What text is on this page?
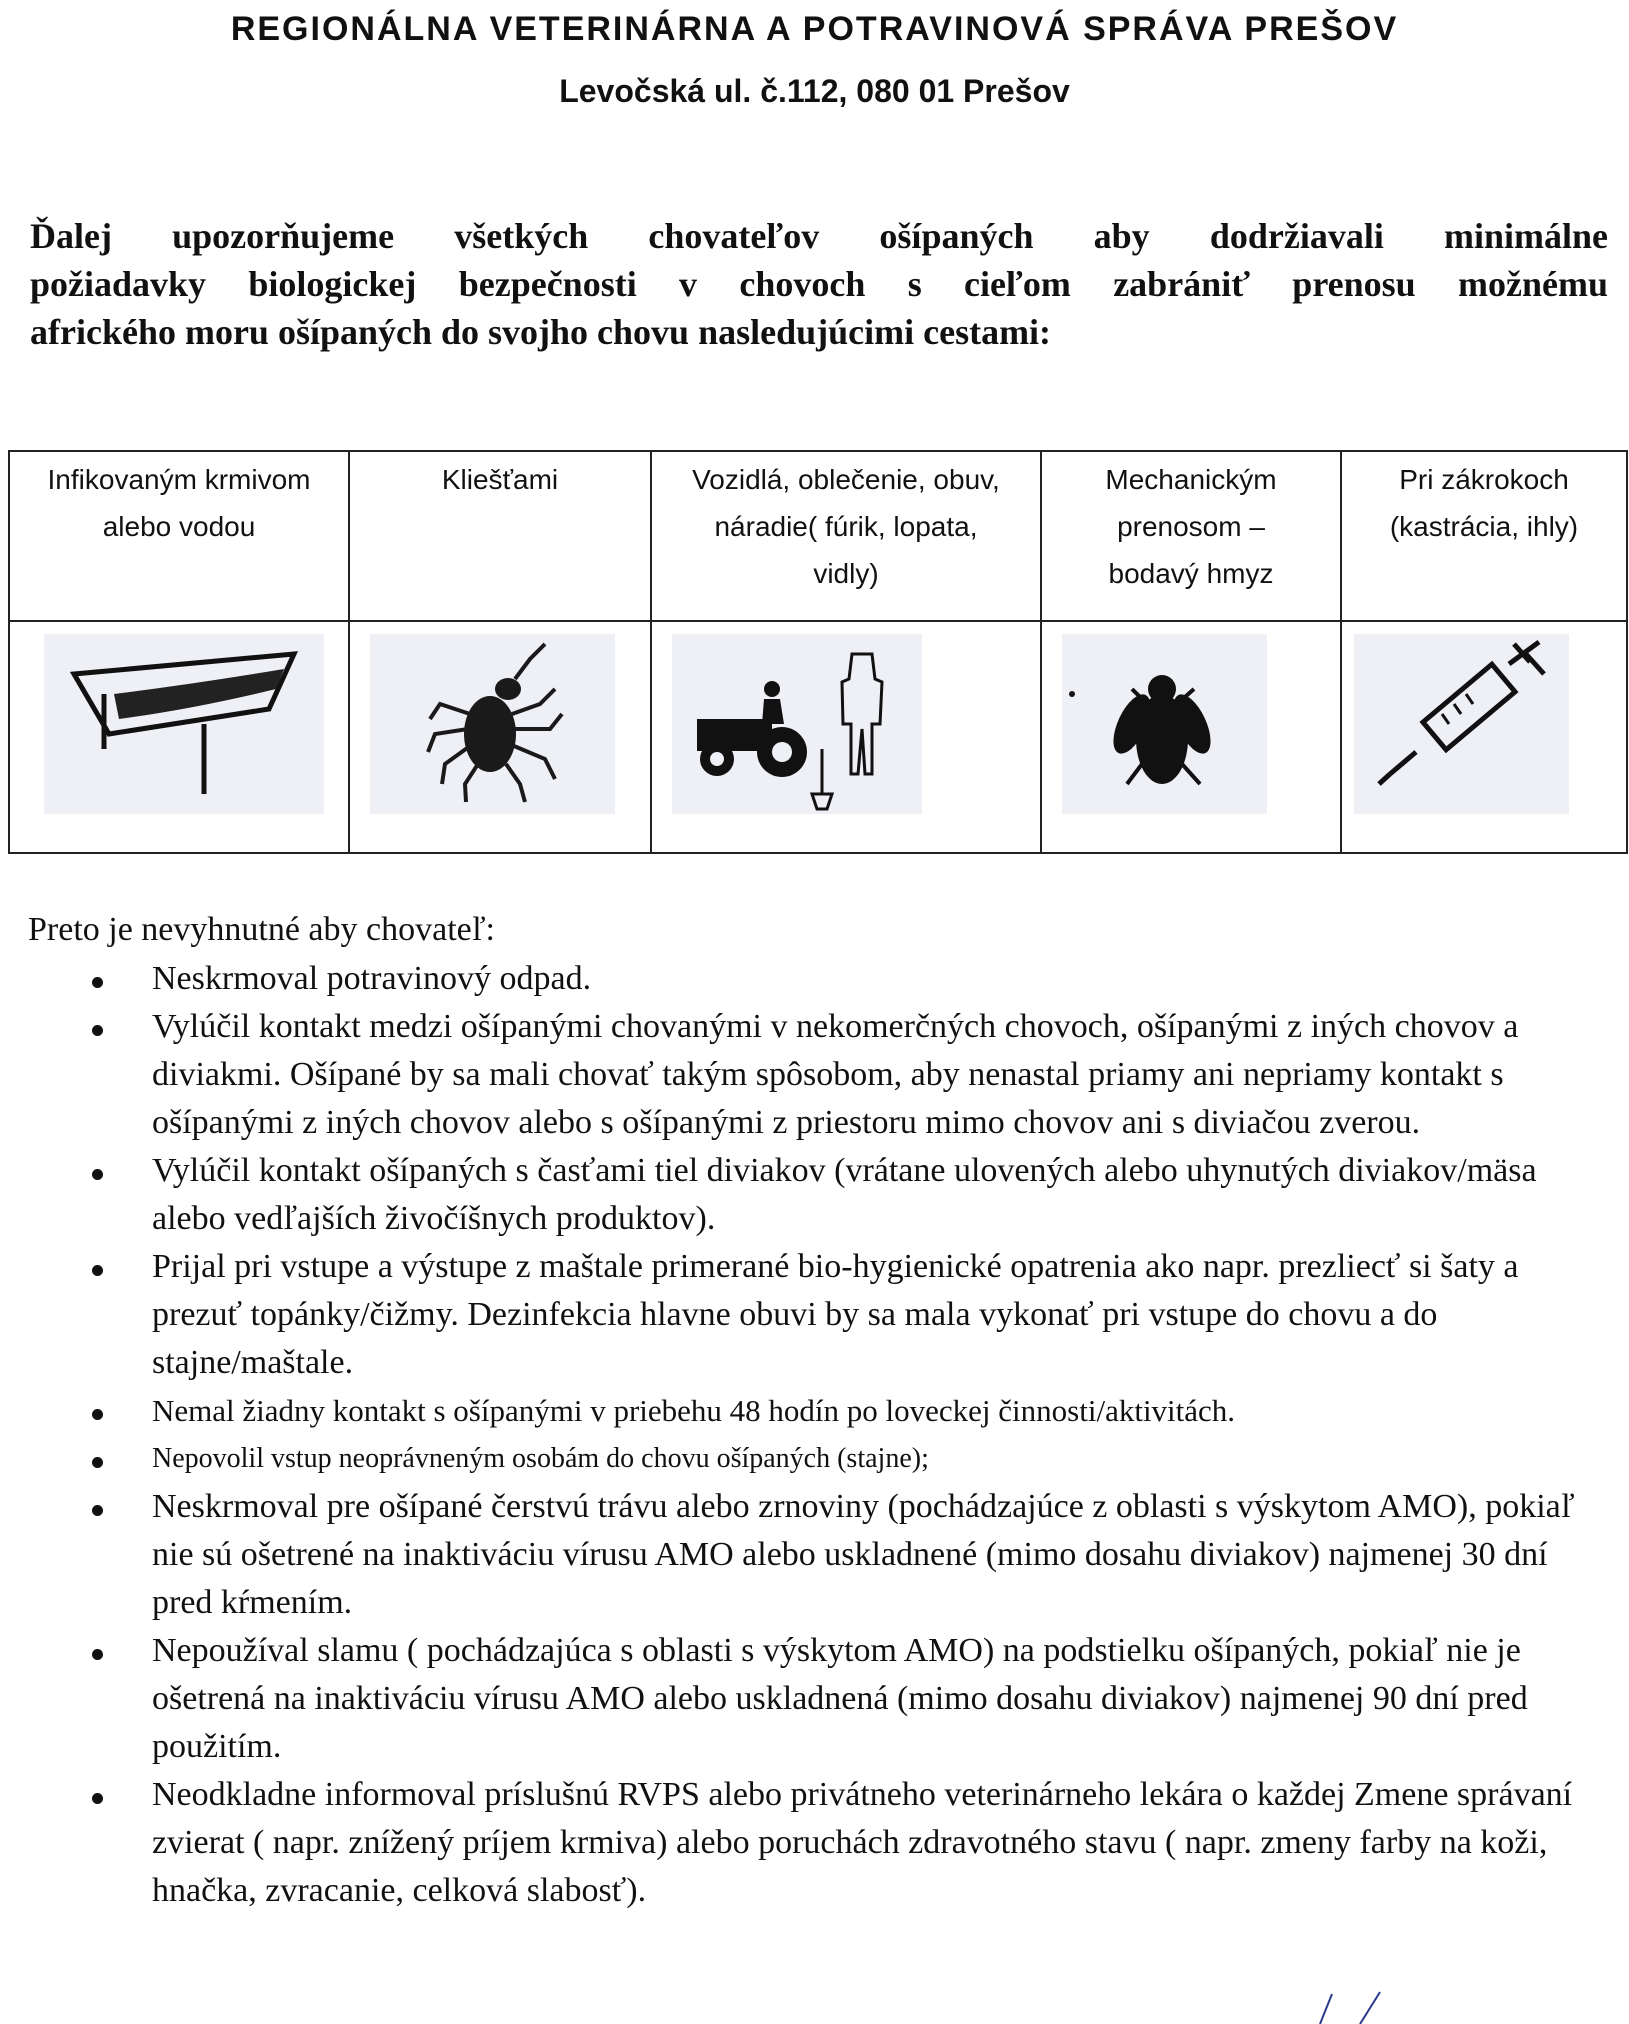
REGIONÁLNA VETERINÁRNA A POTRAVINOVÁ SPRÁVA PREŠOV
Levočská ul. č.112, 080 01 Prešov
Ďalej upozorňujeme všetkých chovateľov ošípaných aby dodržiavali minimálne
požiadavky biologickej bezpečnosti v chovoch s cieľom zabrániť prenosu možnému
afrického moru ošípaných do svojho chovu nasledujúcimi cestami:
Infikovaným krmivom alebo vodou	Kliešťami	Vozidlá, oblečenie, obuv, náradie( fúrik, lopata, vidly)	Mechanickým prenosom – bodavý hmyz	Pri zákrokoch (kastrácia, ihly)

Preto je nevyhnutné aby chovateľ:
Neskrmoval potravinový odpad.
Vylúčil kontakt medzi ošípanými chovanými v nekomerčných chovoch, ošípanými z iných chovov a diviakmi. Ošípané by sa mali chovať takým spôsobom, aby nenastal priamy ani nepriamy kontakt s ošípanými z iných chovov alebo s ošípanými z priestoru mimo chovov ani s diviačou zverou.
Vylúčil kontakt ošípaných s časťami tiel diviakov (vrátane ulovených alebo uhynutých diviakov/mäsa alebo vedľajších živočíšnych produktov).
Prijal pri vstupe a výstupe z maštale primerané bio-hygienické opatrenia ako napr. prezliecť si šaty a prezuť topánky/čižmy. Dezinfekcia hlavne obuvi by sa mala vykonať pri vstupe do chovu a do stajne/maštale.
Nemal žiadny kontakt s ošípanými v priebehu 48 hodín po loveckej činnosti/aktivitách.
Nepovolil vstup neoprávneným osobám do chovu ošípaných (stajne);
Neskrmoval pre ošípané čerstvú trávu alebo zrnoviny (pochádzajúce z oblasti s výskytom AMO), pokiaľ nie sú ošetrené na inaktiváciu vírusu AMO alebo uskladnené (mimo dosahu diviakov) najmenej 30 dní pred kŕmením.
Nepoužíval slamu ( pochádzajúca s oblasti s výskytom AMO) na podstielku ošípaných, pokiaľ nie je ošetrená na inaktiváciu vírusu AMO alebo uskladnená (mimo dosahu diviakov) najmenej 90 dní pred použitím.
Neodkladne informoval príslušnú RVPS alebo privátneho veterinárneho lekára o každej Zmene správaní zvierat ( napr. znížený príjem krmiva) alebo poruchách zdravotného stavu ( napr. zmeny farby na koži, hnačka, zvracanie, celková slabosť).
